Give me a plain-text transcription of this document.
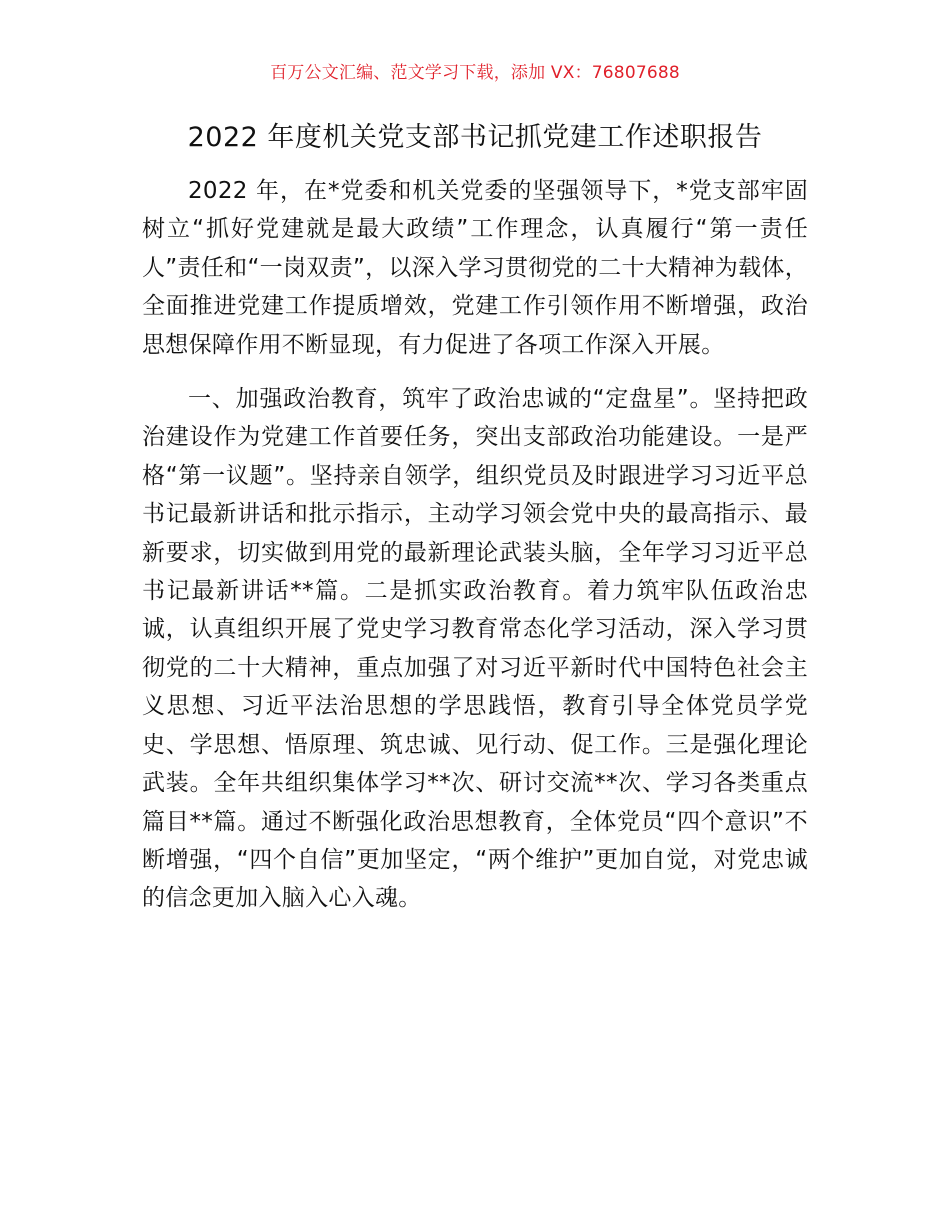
百万公文汇编、范文学习下载，添加 VX：76807688
2022 年度机关党支部书记抓党建工作述职报告

2022 年，在*党委和机关党委的坚强领导下，*党支部牢固树立“抓好党建就是最大政绩”工作理念，认真履行“第一责任人”责任和“一岗双责”，以深入学习贯彻党的二十大精神为载体，全面推进党建工作提质增效，党建工作引领作用不断增强，政治思想保障作用不断显现，有力促进了各项工作深入开展。

一、加强政治教育，筑牢了政治忠诚的“定盘星”。坚持把政治建设作为党建工作首要任务，突出支部政治功能建设。一是严格“第一议题”。坚持亲自领学，组织党员及时跟进学习习近平总书记最新讲话和批示指示，主动学习领会党中央的最高指示、最新要求，切实做到用党的最新理论武装头脑，全年学习习近平总书记最新讲话**篇。二是抓实政治教育。着力筑牢队伍政治忠诚，认真组织开展了党史学习教育常态化学习活动，深入学习贯彻党的二十大精神，重点加强了对习近平新时代中国特色社会主义思想、习近平法治思想的学思践悟，教育引导全体党员学党史、学思想、悟原理、筑忠诚、见行动、促工作。三是强化理论武装。全年共组织集体学习**次、研讨交流**次、学习各类重点篇目**篇。通过不断强化政治思想教育，全体党员“四个意识”不断增强，“四个自信”更加坚定，“两个维护”更加自觉，对党忠诚的信念更加入脑入心入魂。
